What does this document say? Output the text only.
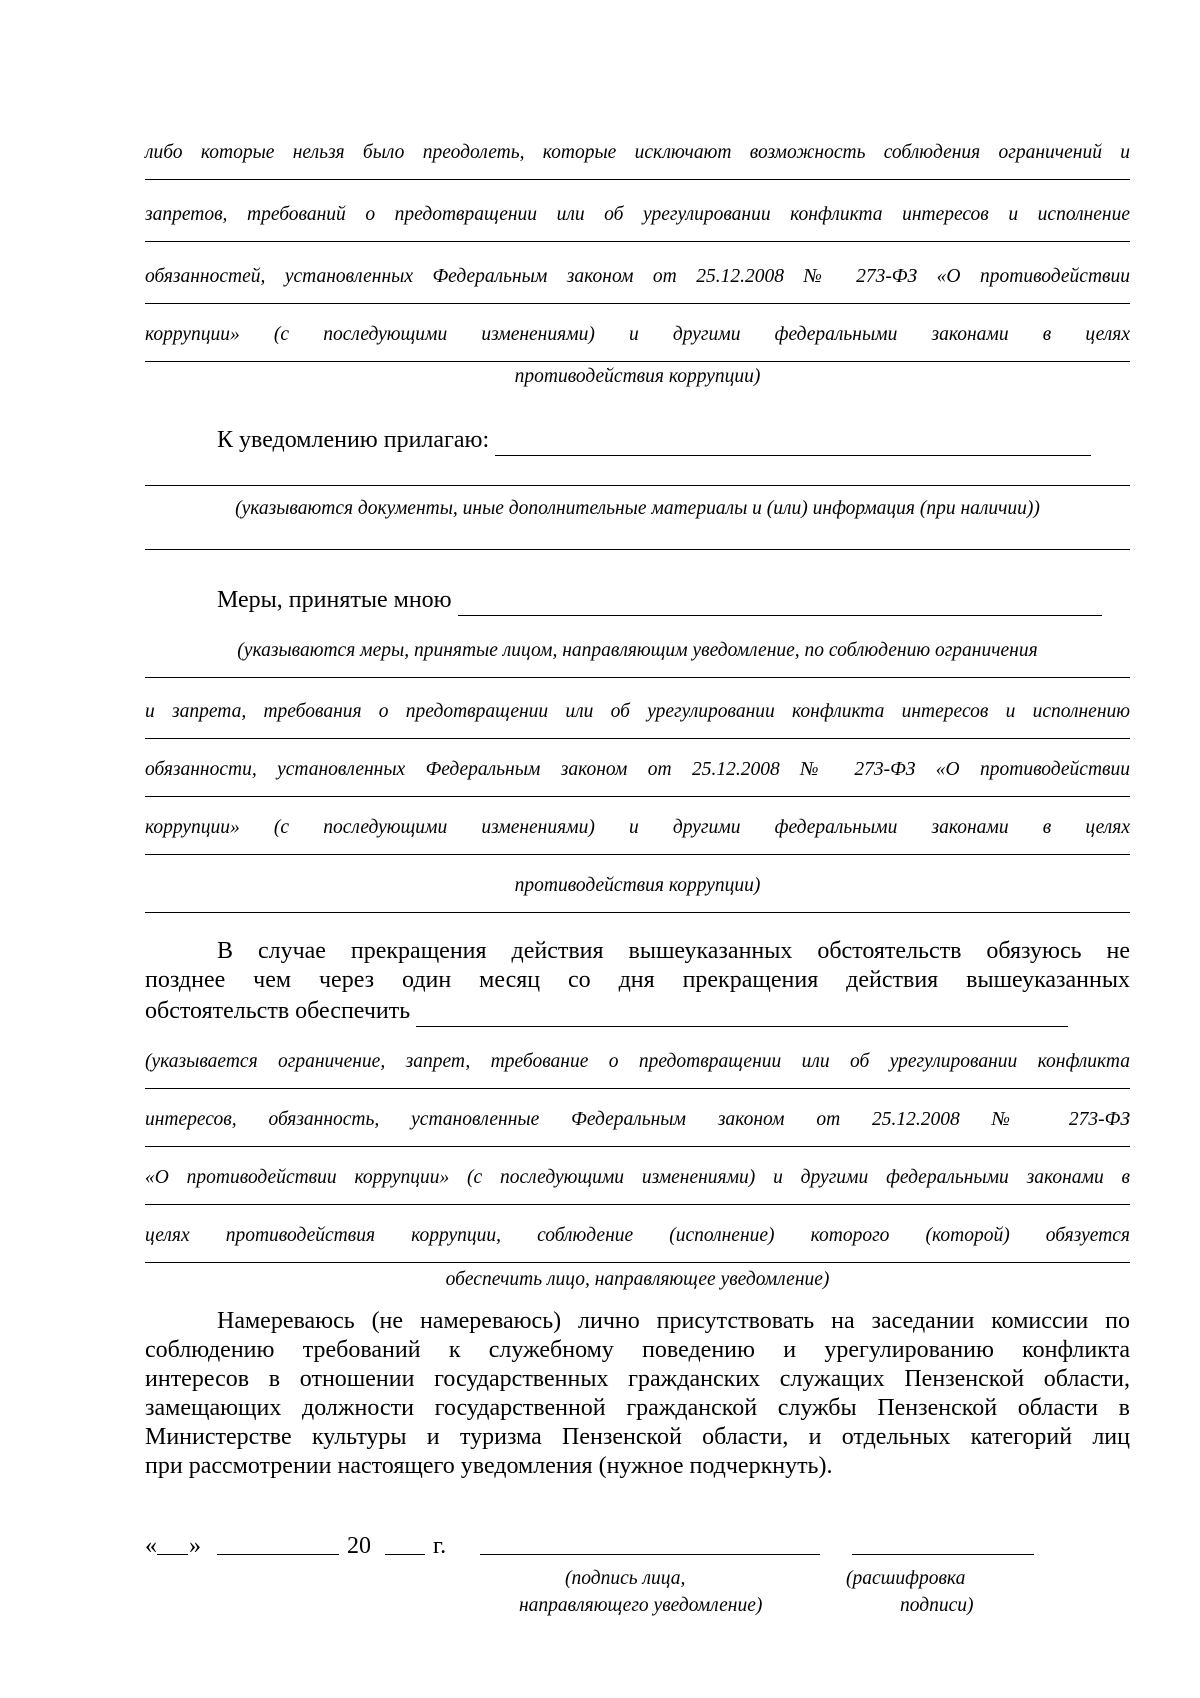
либо которые нельзя было преодолеть, которые исключают возможность соблюдения ограничений и
запретов, требований о предотвращении или об урегулировании конфликта интересов и исполнение
обязанностей, установленных Федеральным законом от 25.12.2008 № 273-ФЗ «О противодействии
коррупции» (с последующими изменениями) и другими федеральными законами в целях
противодействия коррупции)
К уведомлению прилагаю:
(указываются документы, иные дополнительные материалы и (или) информация (при наличии))
Меры, принятые мною
(указываются меры, принятые лицом, направляющим уведомление, по соблюдению ограничения
и запрета, требования о предотвращении или об урегулировании конфликта интересов и исполнению
обязанности, установленных Федеральным законом от 25.12.2008 № 273-ФЗ «О противодействии
коррупции» (с последующими изменениями) и другими федеральными законами в целях
противодействия коррупции)
В случае прекращения действия вышеуказанных обстоятельств обязуюсь не
позднее чем через один месяц со дня прекращения действия вышеуказанных
обстоятельств обеспечить
(указывается ограничение, запрет, требование о предотвращении или об урегулировании конфликта
интересов, обязанность, установленные Федеральным законом от 25.12.2008 № 273-ФЗ
«О противодействии коррупции» (с последующими изменениями) и другими федеральными законами в
целях противодействия коррупции, соблюдение (исполнение) которого (которой) обязуется
обеспечить лицо, направляющее уведомление)
Намереваюсь (не намереваюсь) лично присутствовать на заседании комиссии по
соблюдению требований к служебному поведению и урегулированию конфликта
интересов в отношении государственных гражданских служащих Пензенской области,
замещающих должности государственной гражданской службы Пензенской области в
Министерстве культуры и туризма Пензенской области, и отдельных категорий лиц
при рассмотрении настоящего уведомления (нужное подчеркнуть).
« »	20	г.
(подпись лица,
направляющего уведомление)
(расшифровка
подписи)
